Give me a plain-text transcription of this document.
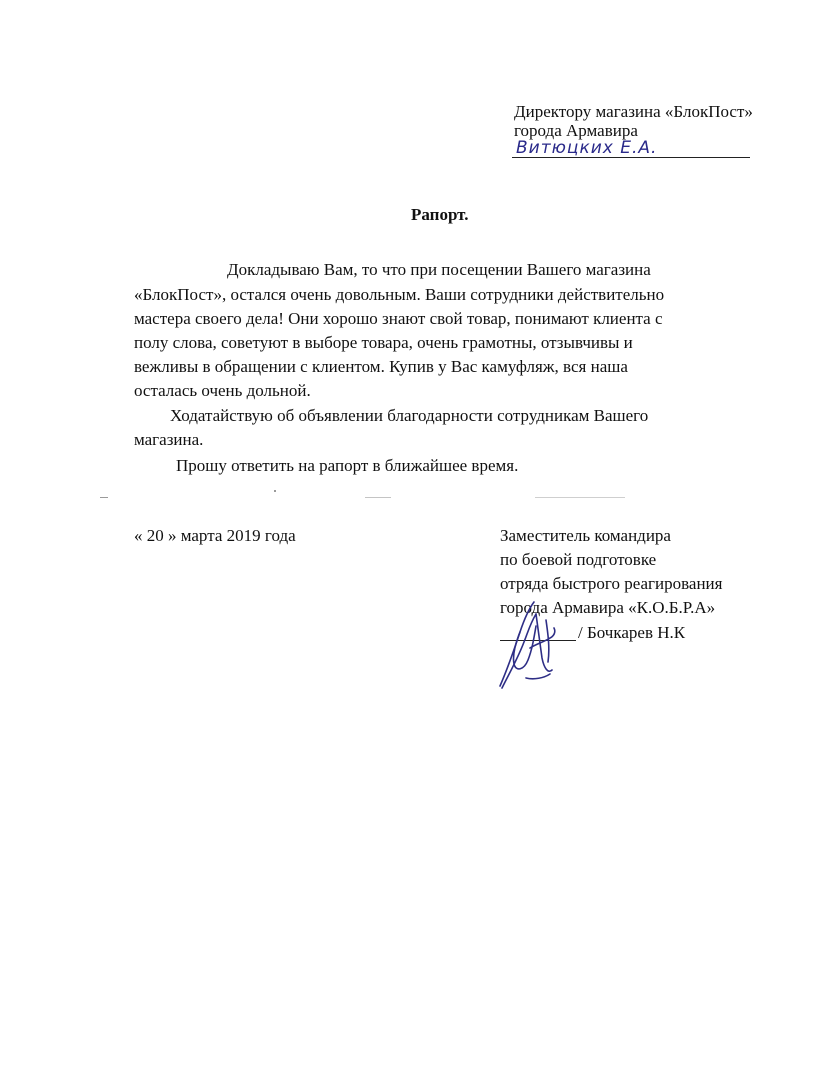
Директору магазина «БлокПост»
города Армавира
Витюцких Е.А.
Рапорт.
Докладываю Вам, то что при посещении Вашего магазина
«БлокПост», остался очень довольным. Ваши сотрудники действительно
мастера своего дела! Они хорошо знают свой товар, понимают клиента с
полу слова, советуют в выборе товара, очень грамотны, отзывчивы и
вежливы в обращении с клиентом. Купив у Вас камуфляж, вся наша
осталась очень дольной.
Ходатайствую об объявлении благодарности сотрудникам Вашего
магазина.
Прошу ответить на рапорт в ближайшее время.
« 20 » марта 2019 года	Заместитель командира
по боевой подготовке
отряда быстрого реагирования
города Армавира «К.О.Б.Р.А»
/ Бочкарев Н.К
